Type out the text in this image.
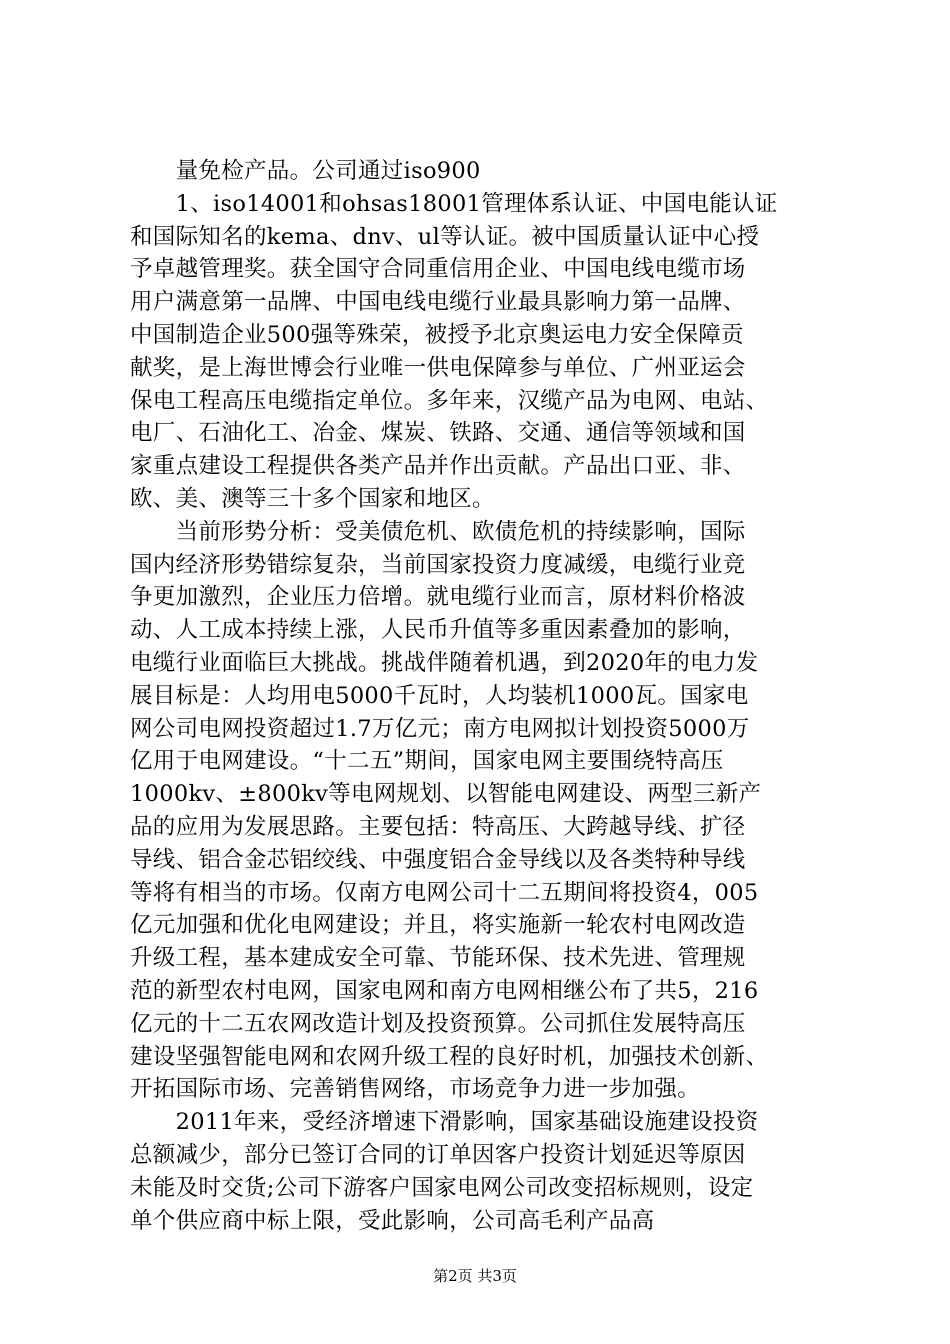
　　量免检产品。公司通过iso900
　　1、iso14001和ohsas18001管理体系认证、中国电能认证
和国际知名的kema、dnv、ul等认证。被中国质量认证中心授
予卓越管理奖。获全国守合同重信用企业、中国电线电缆市场
用户满意第一品牌、中国电线电缆行业最具影响力第一品牌、
中国制造企业500强等殊荣，被授予北京奥运电力安全保障贡
献奖，是上海世博会行业唯一供电保障参与单位、广州亚运会
保电工程高压电缆指定单位。多年来，汉缆产品为电网、电站、
电厂、石油化工、冶金、煤炭、铁路、交通、通信等领域和国
家重点建设工程提供各类产品并作出贡献。产品出口亚、非、
欧、美、澳等三十多个国家和地区。
　　当前形势分析：受美债危机、欧债危机的持续影响，国际
国内经济形势错综复杂，当前国家投资力度减缓，电缆行业竞
争更加激烈，企业压力倍增。就电缆行业而言，原材料价格波
动、人工成本持续上涨，人民币升值等多重因素叠加的影响，
电缆行业面临巨大挑战。挑战伴随着机遇，到2020年的电力发
展目标是：人均用电5000千瓦时，人均装机1000瓦。国家电
网公司电网投资超过1.7万亿元；南方电网拟计划投资5000万
亿用于电网建设。“十二五”期间，国家电网主要围绕特高压
1000kv、±800kv等电网规划、以智能电网建设、两型三新产
品的应用为发展思路。主要包括：特高压、大跨越导线、扩径
导线、铝合金芯铝绞线、中强度铝合金导线以及各类特种导线
等将有相当的市场。仅南方电网公司十二五期间将投资4，005
亿元加强和优化电网建设；并且，将实施新一轮农村电网改造
升级工程，基本建成安全可靠、节能环保、技术先进、管理规
范的新型农村电网，国家电网和南方电网相继公布了共5，216
亿元的十二五农网改造计划及投资预算。公司抓住发展特高压
建设坚强智能电网和农网升级工程的良好时机，加强技术创新、
开拓国际市场、完善销售网络，市场竞争力进一步加强。
　　2011年来，受经济增速下滑影响，国家基础设施建设投资
总额减少，部分已签订合同的订单因客户投资计划延迟等原因
未能及时交货;公司下游客户国家电网公司改变招标规则，设定
单个供应商中标上限，受此影响，公司高毛利产品高
第2页 共3页
